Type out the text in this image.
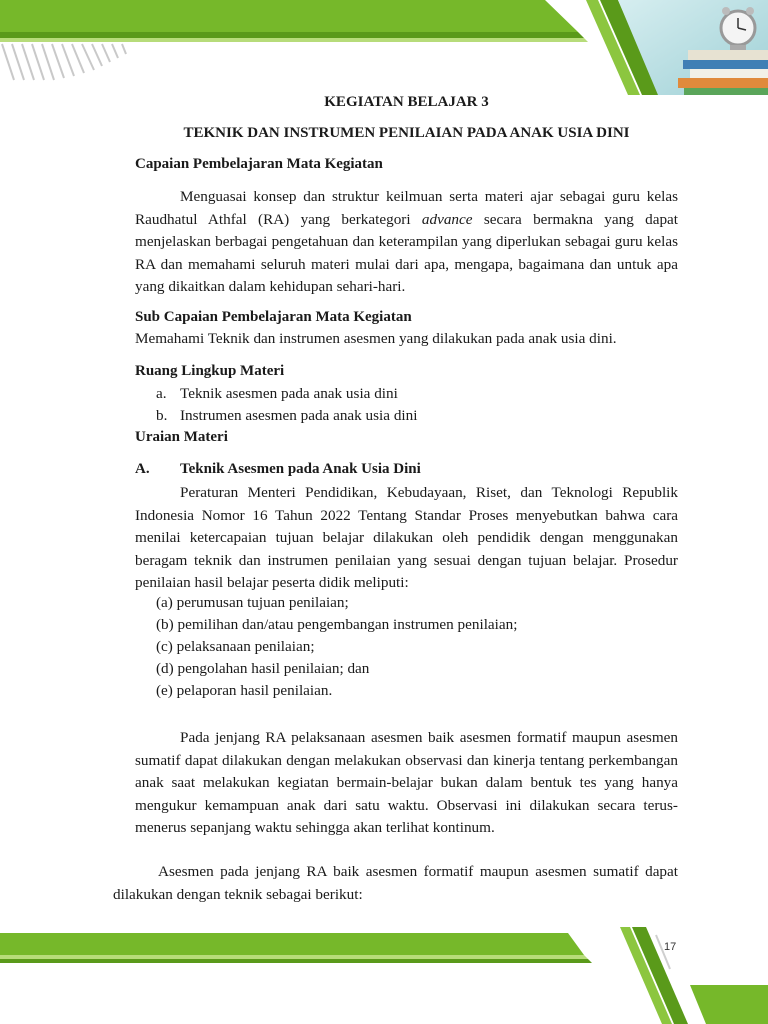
KEGIATAN BELAJAR 3
TEKNIK DAN INSTRUMEN PENILAIAN PADA ANAK USIA DINI
Capaian Pembelajaran Mata Kegiatan
Menguasai konsep dan struktur keilmuan serta materi ajar sebagai guru kelas Raudhatul Athfal (RA) yang berkategori advance secara bermakna yang dapat menjelaskan berbagai pengetahuan dan keterampilan yang diperlukan sebagai guru kelas RA dan memahami seluruh materi mulai dari apa, mengapa, bagaimana dan untuk apa yang dikaitkan dalam kehidupan sehari-hari.
Sub Capaian Pembelajaran Mata Kegiatan
Memahami Teknik dan instrumen asesmen yang dilakukan pada anak usia dini.
Ruang Lingkup Materi
a. Teknik asesmen pada anak usia dini
b. Instrumen asesmen pada anak usia dini
Uraian Materi
A. Teknik Asesmen pada Anak Usia Dini
Peraturan Menteri Pendidikan, Kebudayaan, Riset, dan Teknologi Republik Indonesia Nomor 16 Tahun 2022 Tentang Standar Proses menyebutkan bahwa cara menilai ketercapaian tujuan belajar dilakukan oleh pendidik dengan menggunakan beragam teknik dan instrumen penilaian yang sesuai dengan tujuan belajar. Prosedur penilaian hasil belajar peserta didik meliputi:
(a) perumusan tujuan penilaian;
(b) pemilihan dan/atau pengembangan instrumen penilaian;
(c) pelaksanaan penilaian;
(d) pengolahan hasil penilaian; dan
(e) pelaporan hasil penilaian.
Pada jenjang RA pelaksanaan asesmen baik asesmen formatif maupun asesmen sumatif dapat dilakukan dengan melakukan observasi dan kinerja tentang perkembangan anak saat melakukan kegiatan bermain-belajar bukan dalam bentuk tes yang hanya mengukur kemampuan anak dari satu waktu. Observasi ini dilakukan secara terus-menerus sepanjang waktu sehingga akan terlihat kontinum.
Asesmen pada jenjang RA baik asesmen formatif maupun asesmen sumatif dapat dilakukan dengan teknik sebagai berikut:
17
